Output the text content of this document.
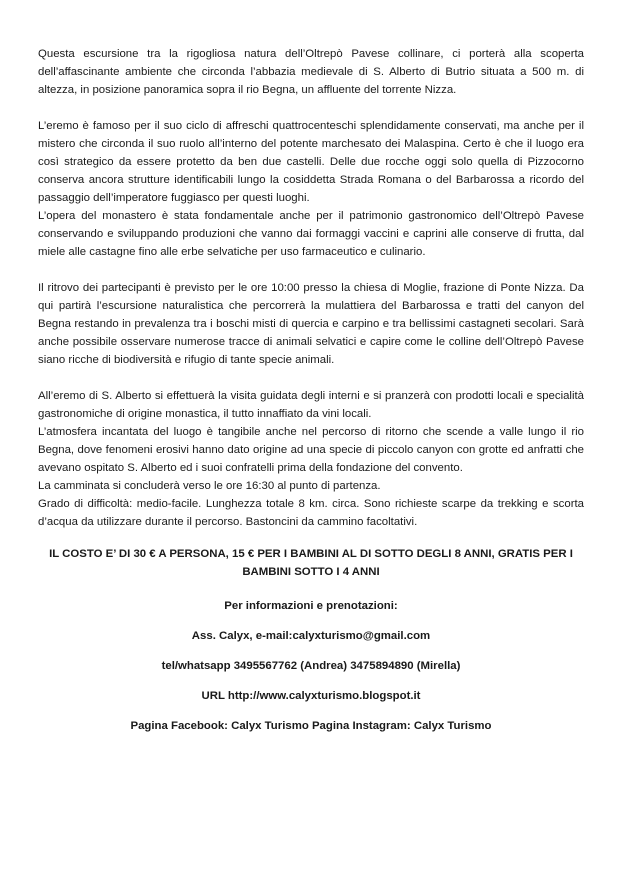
Questa escursione tra la rigogliosa natura dell’Oltrepò Pavese collinare, ci porterà alla scoperta dell’affascinante ambiente che circonda l’abbazia medievale di S. Alberto di Butrio situata a 500 m. di altezza, in posizione panoramica sopra il rio Begna, un affluente del torrente Nizza.

L’eremo è famoso per il suo ciclo di affreschi quattrocenteschi splendidamente conservati, ma anche per il mistero che circonda il suo ruolo all’interno del potente marchesato dei Malaspina. Certo è che il luogo era così strategico da essere protetto da ben due castelli. Delle due rocche oggi solo quella di Pizzocorno conserva ancora strutture identificabili lungo la cosiddetta Strada Romana o del Barbarossa a ricordo del passaggio dell’imperatore fuggiasco per questi luoghi.

L’opera del monastero è stata fondamentale anche per il patrimonio gastronomico dell’Oltrepò Pavese conservando e sviluppando produzioni che vanno dai formaggi vaccini e caprini alle conserve di frutta, dal miele alle castagne fino alle erbe selvatiche per uso farmaceutico e culinario.

Il ritrovo dei partecipanti è previsto per le ore 10:00 presso la chiesa di Moglie, frazione di Ponte Nizza. Da qui partirà l’escursione naturalistica che percorrerà la mulattiera del Barbarossa e tratti del canyon del Begna restando in prevalenza tra i boschi misti di quercia e carpino e tra bellissimi castagneti secolari. Sarà anche possibile osservare numerose tracce di animali selvatici e capire come le colline dell’Oltrepò Pavese siano ricche di biodiversità e rifugio di tante specie animali.

All’eremo di S. Alberto si effettuerà la visita guidata degli interni e si pranzerà con prodotti locali e specialità gastronomiche di origine monastica, il tutto innaffiato da vini locali.

L’atmosfera incantata del luogo è tangibile anche nel percorso di ritorno che scende a valle lungo il rio Begna, dove fenomeni erosivi hanno dato origine ad una specie di piccolo canyon con grotte ed anfratti che avevano ospitato S. Alberto ed i suoi confratelli prima della fondazione del convento.

La camminata si concluderà verso le ore 16:30 al punto di partenza.

Grado di difficoltà: medio-facile. Lunghezza totale 8 km. circa. Sono richieste scarpe da trekking e scorta d’acqua da utilizzare durante il percorso. Bastoncini da cammino facoltativi.

IL COSTO E’ DI 30 € A PERSONA, 15 € PER I BAMBINI AL DI SOTTO DEGLI 8 ANNI, GRATIS PER I BAMBINI SOTTO I 4 ANNI

Per informazioni e prenotazioni:

Ass. Calyx, e-mail:calyxturismo@gmail.com

tel/whatsapp 3495567762 (Andrea) 3475894890 (Mirella)

URL http://www.calyxturismo.blogspot.it

Pagina Facebook: Calyx Turismo Pagina Instagram: Calyx Turismo
